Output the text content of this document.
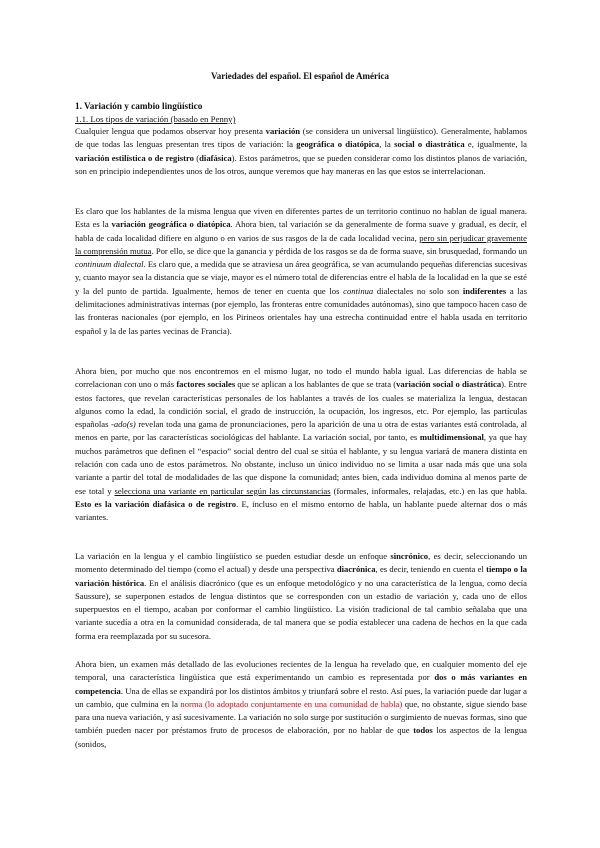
Variedades del español. El español de América
1. Variación y cambio lingüístico
1.1. Los tipos de variación (basado en Penny)

Cualquier lengua que podamos observar hoy presenta variación (se considera un universal lingüístico). Generalmente, hablamos de que todas las lenguas presentan tres tipos de variación: la geográfica o diatópica, la social o diastrática e, igualmente, la variación estilística o de registro (diafásica). Estos parámetros, que se pueden considerar como los distintos planos de variación, son en principio independientes unos de los otros, aunque veremos que hay maneras en las que estos se interrelacionan.

Es claro que los hablantes de la misma lengua que viven en diferentes partes de un territorio continuo no hablan de igual manera. Esta es la variación geográfica o diatópica. Ahora bien, tal variación se da generalmente de forma suave y gradual, es decir, el habla de cada localidad difiere en alguno o en varios de sus rasgos de la de cada localidad vecina, pero sin perjudicar gravemente la comprensión mutua. Por ello, se dice que la ganancia y pérdida de los rasgos se da de forma suave, sin brusquedad, formando un continuum dialectal. Es claro que, a medida que se atraviesa un área geográfica, se van acumulando pequeñas diferencias sucesivas y, cuanto mayor sea la distancia que se viaje, mayor es el número total de diferencias entre el habla de la localidad en la que se esté y la del punto de partida. Igualmente, hemos de tener en cuenta que los continua dialectales no solo son indiferentes a las delimitaciones administrativas internas (por ejemplo, las fronteras entre comunidades autónomas), sino que tampoco hacen caso de las fronteras nacionales (por ejemplo, en los Pirineos orientales hay una estrecha continuidad entre el habla usada en territorio español y la de las partes vecinas de Francia).

Ahora bien, por mucho que nos encontremos en el mismo lugar, no todo el mundo habla igual. Las diferencias de habla se correlacionan con uno o más factores sociales que se aplican a los hablantes de que se trata (variación social o diastrática). Entre estos factores, que revelan características personales de los hablantes a través de los cuales se materializa la lengua, destacan algunos como la edad, la condición social, el grado de instrucción, la ocupación, los ingresos, etc. Por ejemplo, las partículas españolas -ado(s) revelan toda una gama de pronunciaciones, pero la aparición de una u otra de estas variantes está controlada, al menos en parte, por las características sociológicas del hablante. La variación social, por tanto, es multidimensional, ya que hay muchos parámetros que definen el “espacio” social dentro del cual se sitúa el hablante, y su lengua variará de manera distinta en relación con cada uno de estos parámetros. No obstante, incluso un único individuo no se limita a usar nada más que una sola variante a partir del total de modalidades de las que dispone la comunidad; antes bien, cada individuo domina al menos parte de ese total y selecciona una variante en particular según las circunstancias (formales, informales, relajadas, etc.) en las que habla. Esto es la variación diafásica o de registro. E, incluso en el mismo entorno de habla, un hablante puede alternar dos o más variantes.

La variación en la lengua y el cambio lingüístico se pueden estudiar desde un enfoque sincrónico, es decir, seleccionando un momento determinado del tiempo (como el actual) y desde una perspectiva diacrónica, es decir, teniendo en cuenta el tiempo o la variación histórica. En el análisis diacrónico (que es un enfoque metodológico y no una característica de la lengua, como decía Saussure), se superponen estados de lengua distintos que se corresponden con un estadio de variación y, cada uno de ellos superpuestos en el tiempo, acaban por conformar el cambio lingüístico. La visión tradicional de tal cambio señalaba que una variante sucedía a otra en la comunidad considerada, de tal manera que se podía establecer una cadena de hechos en la que cada forma era reemplazada por su sucesora.

Ahora bien, un examen más detallado de las evoluciones recientes de la lengua ha revelado que, en cualquier momento del eje temporal, una característica lingüística que está experimentando un cambio es representada por dos o más variantes en competencia. Una de ellas se expandirá por los distintos ámbitos y triunfará sobre el resto. Así pues, la variación puede dar lugar a un cambio, que culmina en la norma (lo adoptado conjuntamente en una comunidad de habla) que, no obstante, sigue siendo base para una nueva variación, y así sucesivamente. La variación no solo surge por sustitución o surgimiento de nuevas formas, sino que también pueden nacer por préstamos fruto de procesos de elaboración, por no hablar de que todos los aspectos de la lengua (sonidos,
